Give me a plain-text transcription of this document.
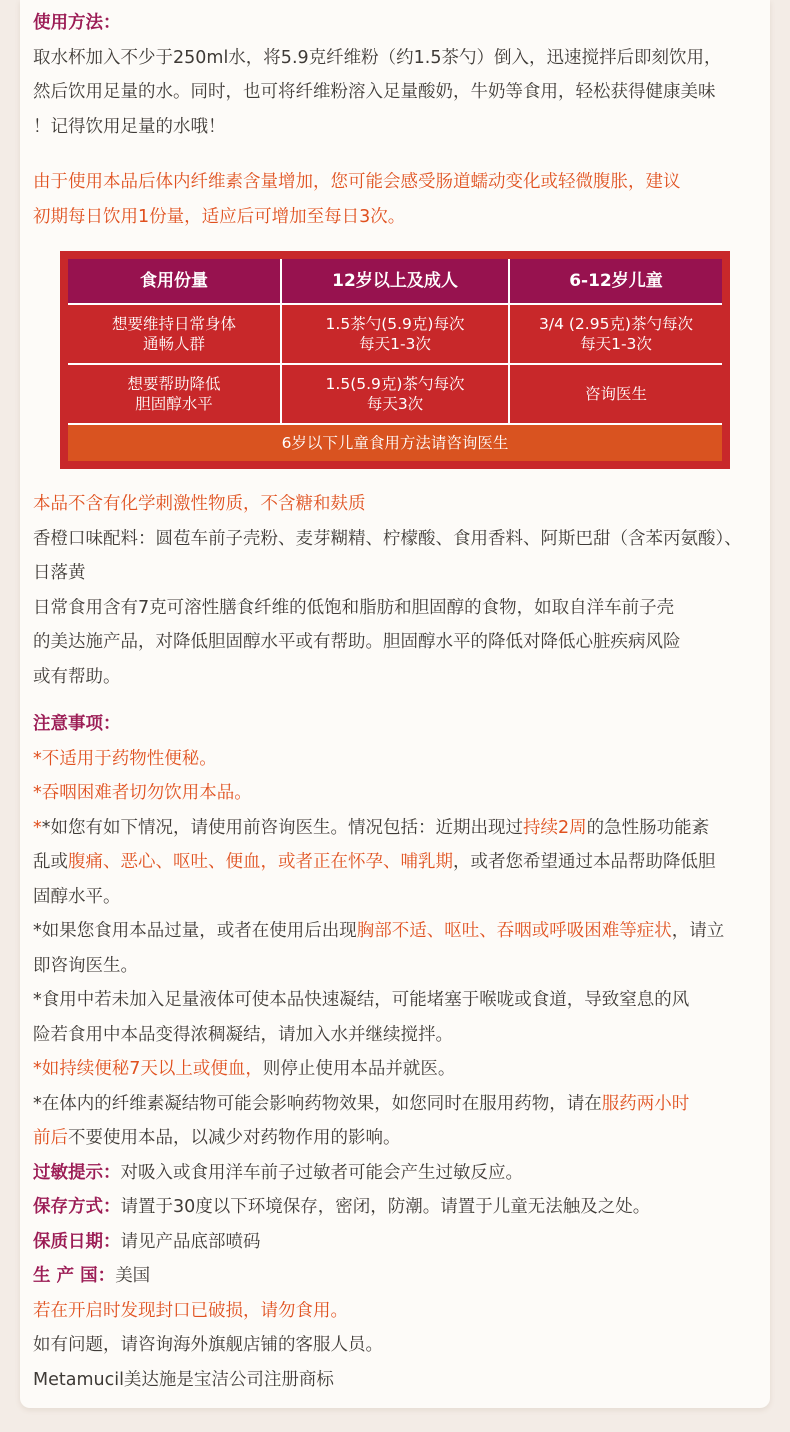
使用方法：

取水杯加入不少于250ml水，将5.9克纤维粉（约1.5茶勺）倒入，迅速搅拌后即刻饮用，

然后饮用足量的水。同时，也可将纤维粉溶入足量酸奶，牛奶等食用，轻松获得健康美味

！记得饮用足量的水哦！

由于使用本品后体内纤维素含量增加，您可能会感受肠道蠕动变化或轻微腹胀，建议

初期每日饮用1份量，适应后可增加至每日3次。

食用份量	12岁以上及成人	6-12岁儿童
想要维持日常身体
通畅人群
1.5茶勺(5.9克)每次
每天1-3次
3/4 (2.95克)茶勺每次
每天1-3次
想要帮助降低
胆固醇水平
1.5(5.9克)茶勺每次
每天3次
咨询医生
6岁以下儿童食用方法请咨询医生

本品不含有化学刺激性物质，不含糖和麸质

香橙口味配料：圆苞车前子壳粉、麦芽糊精、柠檬酸、食用香料、阿斯巴甜（含苯丙氨酸）、

日落黄

日常食用含有7克可溶性膳食纤维的低饱和脂肪和胆固醇的食物，如取自洋车前子壳

的美达施产品，对降低胆固醇水平或有帮助。胆固醇水平的降低对降低心脏疾病风险

或有帮助。

注意事项：

*不适用于药物性便秘。

*吞咽困难者切勿饮用本品。

**如您有如下情况，请使用前咨询医生。情况包括：近期出现过持续2周的急性肠功能紊

乱或腹痛、恶心、呕吐、便血，或者正在怀孕、哺乳期，或者您希望通过本品帮助降低胆

固醇水平。

*如果您食用本品过量，或者在使用后出现胸部不适、呕吐、吞咽或呼吸困难等症状，请立

即咨询医生。

*食用中若未加入足量液体可使本品快速凝结，可能堵塞于喉咙或食道，导致窒息的风

险若食用中本品变得浓稠凝结，请加入水并继续搅拌。

*如持续便秘7天以上或便血，则停止使用本品并就医。

*在体内的纤维素凝结物可能会影响药物效果，如您同时在服用药物，请在服药两小时

前后不要使用本品，以减少对药物作用的影响。

过敏提示：对吸入或食用洋车前子过敏者可能会产生过敏反应。

保存方式：请置于30度以下环境保存，密闭，防潮。请置于儿童无法触及之处。

保质日期：请见产品底部喷码

生 产 国：美国

若在开启时发现封口已破损，请勿食用。

如有问题，请咨询海外旗舰店铺的客服人员。

Metamucil美达施是宝洁公司注册商标
